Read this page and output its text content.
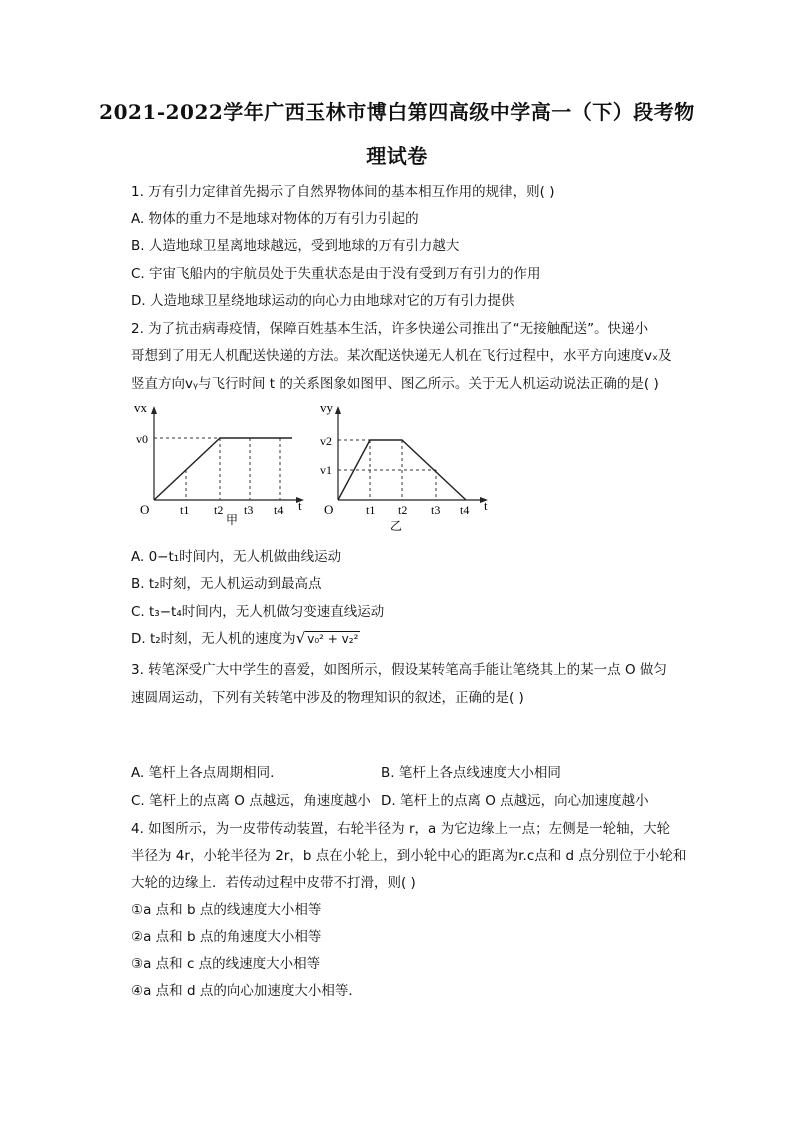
2021-2022学年广西玉林市博白第四高级中学高一（下）段考物
理试卷
1. 万有引力定律首先揭示了自然界物体间的基本相互作用的规律，则( )
A. 物体的重力不是地球对物体的万有引力引起的
B. 人造地球卫星离地球越远，受到地球的万有引力越大
C. 宇宙飞船内的宇航员处于失重状态是由于没有受到万有引力的作用
D. 人造地球卫星绕地球运动的向心力由地球对它的万有引力提供
2. 为了抗击病毒疫情，保障百姓基本生活，许多快递公司推出了“无接触配送”。快递小
哥想到了用无人机配送快递的方法。某次配送快递无人机在飞行过程中，水平方向速度vₓ及
竖直方向vᵧ与飞行时间 t 的关系图象如图甲、图乙所示。关于无人机运动说法正确的是( )
vx
v0
O	t1 t2 t3 t4 t
甲
vy
v2
v1
O	t1 t2 t3 t4 t
乙
A. 0−t₁时间内，无人机做曲线运动
B. t₂时刻，无人机运动到最高点
C. t₃−t₄时间内，无人机做匀变速直线运动
D. t₂时刻，无人机的速度为√ v₀² + v₂²
3. 转笔深受广大中学生的喜爱，如图所示，假设某转笔高手能让笔绕其上的某一点 O 做匀
速圆周运动，下列有关转笔中涉及的物理知识的叙述，正确的是( )
A. 笔杆上各点周期相同.	B. 笔杆上各点线速度大小相同
C. 笔杆上的点离 O 点越远，角速度越小 D. 笔杆上的点离 O 点越远，向心加速度越小
4. 如图所示，为一皮带传动装置，右轮半径为 r，a 为它边缘上一点；左侧是一轮轴，大轮
半径为 4r，小轮半径为 2r，b 点在小轮上，到小轮中心的距离为r.c点和 d 点分别位于小轮和
大轮的边缘上．若传动过程中皮带不打滑，则( )
①a 点和 b 点的线速度大小相等
②a 点和 b 点的角速度大小相等
③a 点和 c 点的线速度大小相等
④a 点和 d 点的向心加速度大小相等．
